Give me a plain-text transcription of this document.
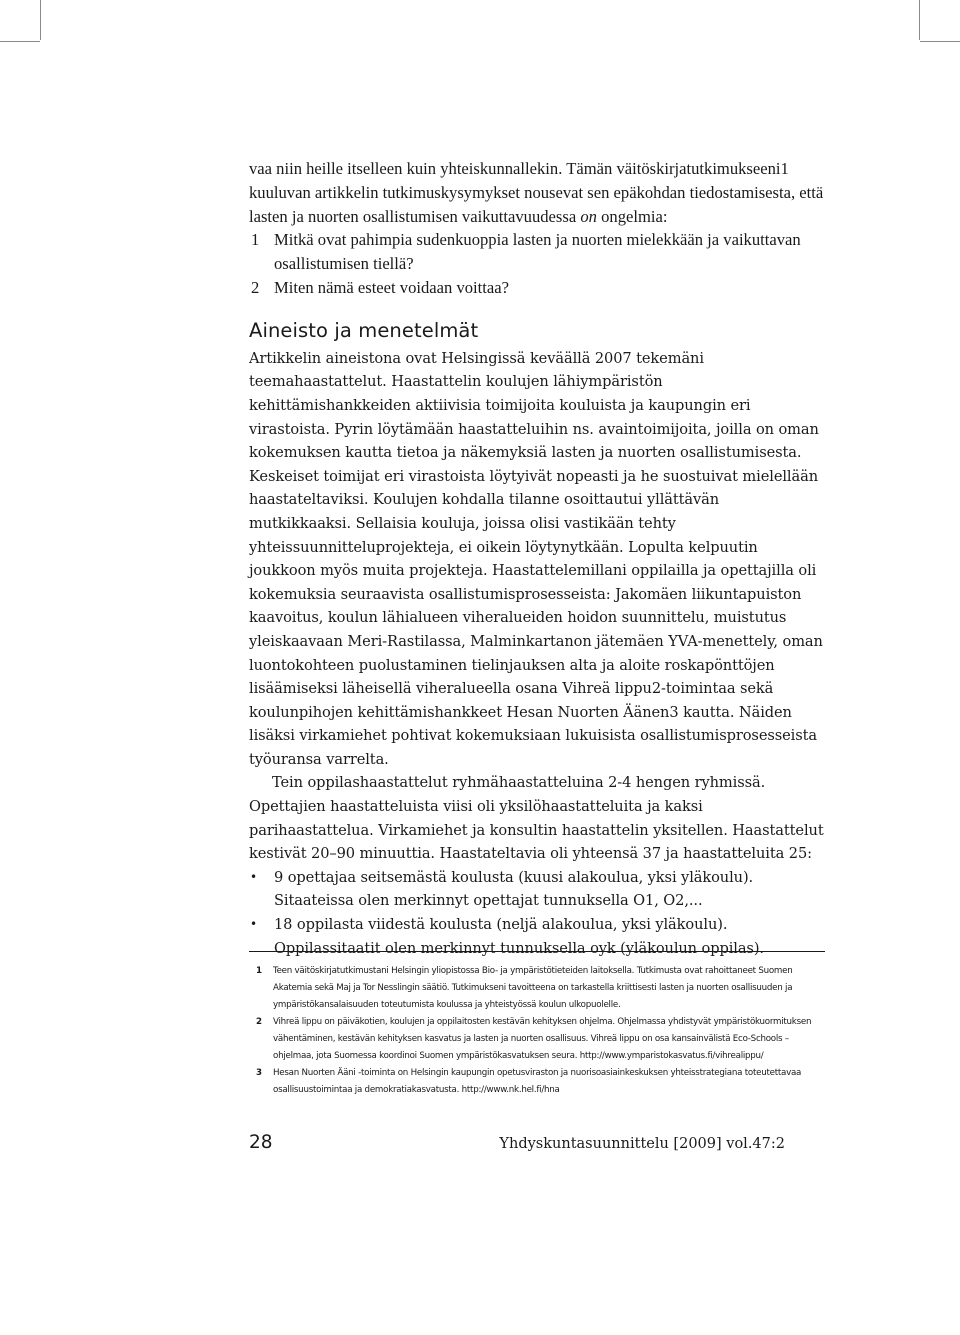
vaa niin heille itselleen kuin yhteiskunnallekin. Tämän väitöskirjatutkimukseeni1 kuuluvan artikkelin tutkimuskysymykset nousevat sen epäkohdan tiedostamisesta, että lasten ja nuorten osallistumisen vaikuttavuudessa on ongelmia:

1 Mitkä ovat pahimpia sudenkuoppia lasten ja nuorten mielekkään ja vaikuttavan osallistumisen tiellä?
2 Miten nämä esteet voidaan voittaa?
Aineisto ja menetelmät

Artikkelin aineistona ovat Helsingissä keväällä 2007 tekemäni teemahaastattelut. Haastattelin koulujen lähiympäristön kehittämishankkeiden aktiivisia toimijoita kouluista ja kaupungin eri virastoista. Pyrin löytämään haastatteluihin ns. avaintoimijoita, joilla on oman kokemuksen kautta tietoa ja näkemyksiä lasten ja nuorten osallistumisesta. Keskeiset toimijat eri virastoista löytyivät nopeasti ja he suostuivat mielellään haastateltaviksi. Koulujen kohdalla tilanne osoittautui yllättävän mutkikkaaksi. Sellaisia kouluja, joissa olisi vastikään tehty yhteissuunnitteluprojekteja, ei oikein löytynytkään. Lopulta kelpuutin joukkoon myös muita projekteja. Haastattelemillani oppilailla ja opettajilla oli kokemuksia seuraavista osallistumisprosesseista: Jakomäen liikuntapuiston kaavoitus, koulun lähialueen viheralueiden hoidon suunnittelu, muistutus yleiskaavaan Meri-Rastilassa, Malminkartanon jätemäen YVA-menettely, oman luontokohteen puolustaminen tielinjauksen alta ja aloite roskapönttöjen lisäämiseksi läheisellä viheralueella osana Vihreä lippu2-toimintaa sekä koulunpihojen kehittämishankkeet Hesan Nuorten Äänen3 kautta. Näiden lisäksi virkamiehet pohtivat kokemuksiaan lukuisista osallistumisprosesseista työuransa varrelta.

Tein oppilashaastattelut ryhmähaastatteluina 2-4 hengen ryhmissä. Opettajien haastatteluista viisi oli yksilöhaastatteluita ja kaksi parihaastattelua. Virkamiehet ja konsultin haastattelin yksitellen. Haastattelut kestivät 20–90 minuuttia. Haastateltavia oli yhteensä 37 ja haastatteluita 25:

• 9 opettajaa seitsemästä koulusta (kuusi alakoulua, yksi yläkoulu). Sitaateissa olen merkinnyt opettajat tunnuksella O1, O2,...
• 18 oppilasta viidestä koulusta (neljä alakoulua, yksi yläkoulu). Oppilassitaatit olen merkinnyt tunnuksella oyk (yläkoulun oppilas).
1 Teen väitöskirjatutkimustani Helsingin yliopistossa Bio- ja ympäristötieteiden laitoksella. Tutkimusta ovat rahoittaneet Suomen Akatemia sekä Maj ja Tor Nesslingin säätiö. Tutkimukseni tavoitteena on tarkastella kriittisesti lasten ja nuorten osallisuuden ja ympäristökansalaisuuden toteutumista koulussa ja yhteistyössä koulun ulkopuolelle.
2 Vihreä lippu on päiväkotien, koulujen ja oppilaitosten kestävän kehityksen ohjelma. Ohjelmassa yhdistyvät ympäristökuormituksen vähentäminen, kestävän kehityksen kasvatus ja lasten ja nuorten osallisuus. Vihreä lippu on osa kansainvälistä Eco-Schools – ohjelmaa, jota Suomessa koordinoi Suomen ympäristökasvatuksen seura. http://www.ymparistokasvatus.fi/vihrealippu/
3 Hesan Nuorten Ääni -toiminta on Helsingin kaupungin opetusviraston ja nuorisoasiainkeskuksen yhteisstrategiana toteutettavaa osallisuustoimintaa ja demokratiakasvatusta. http://www.nk.hel.fi/hna
28	Yhdyskuntasuunnittelu [2009] vol.47:2
